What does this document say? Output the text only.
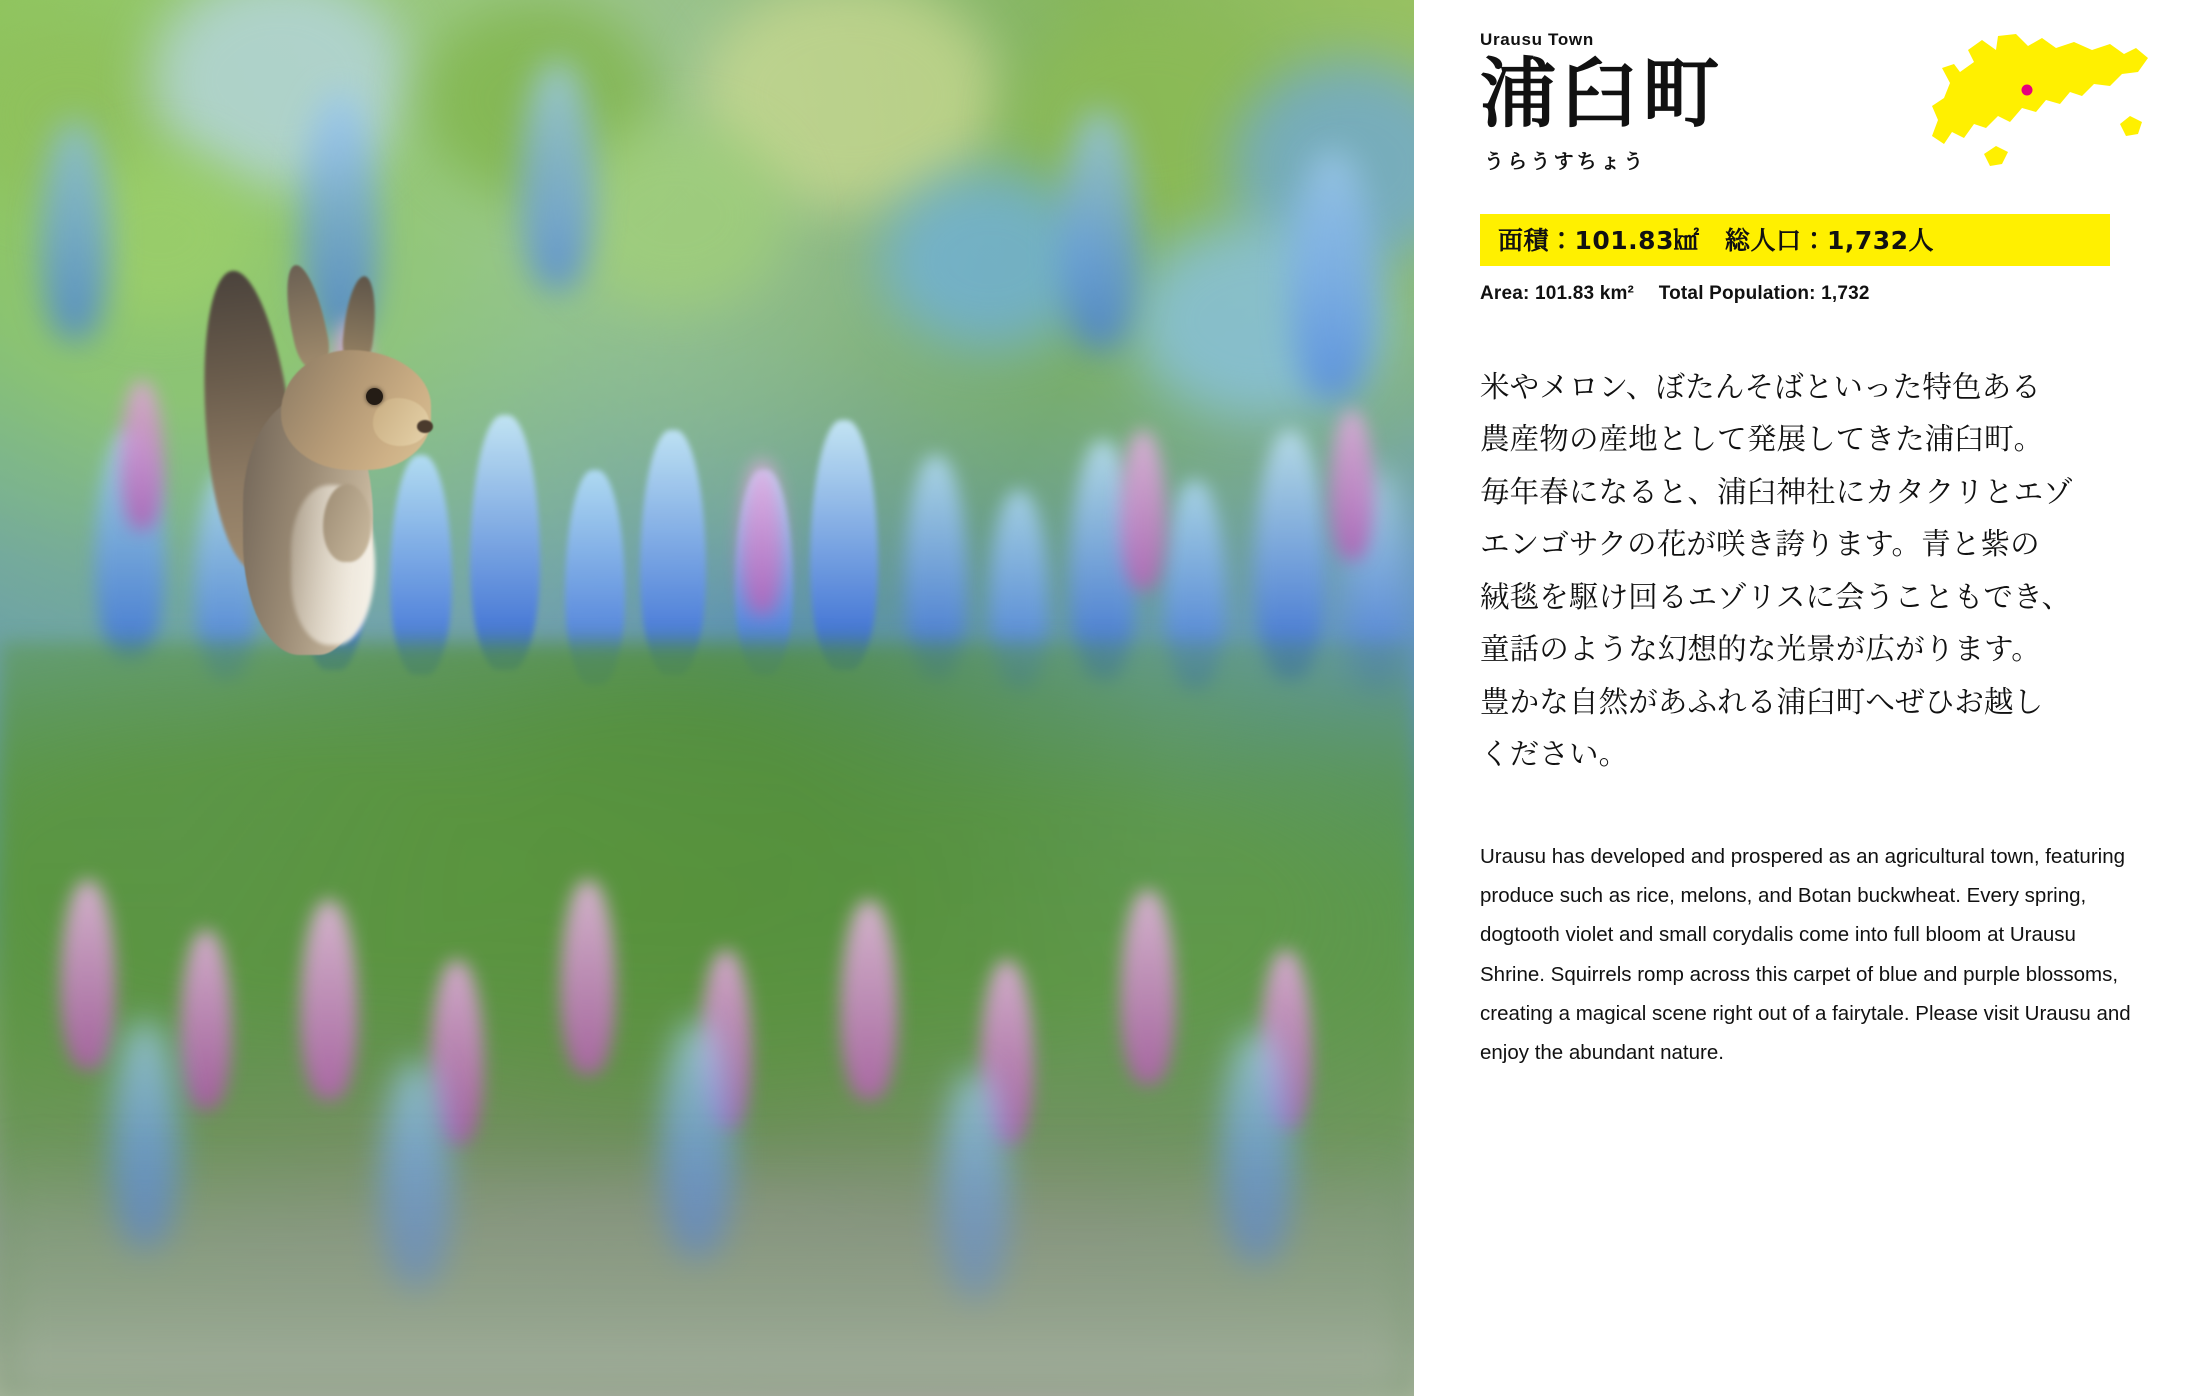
Urausu Town
浦臼町
うらうすちょう
面積：101.83㎢　総人口：1,732人
Area: 101.83 km²　 Total Population: 1,732
米やメロン、ぼたんそばといった特色ある
農産物の産地として発展してきた浦臼町。
毎年春になると、浦臼神社にカタクリとエゾ
エンゴサクの花が咲き誇ります。青と紫の
絨毯を駆け回るエゾリスに会うこともでき、
童話のような幻想的な光景が広がります。
豊かな自然があふれる浦臼町へぜひお越し
ください。
Urausu has developed and prospered as an agricultural town, featuring produce such as rice, melons, and Botan buckwheat. Every spring, dogtooth violet and small corydalis come into full bloom at Urausu Shrine. Squirrels romp across this carpet of blue and purple blossoms, creating a magical scene right out of a fairytale. Please visit Urausu and enjoy the abundant nature.
